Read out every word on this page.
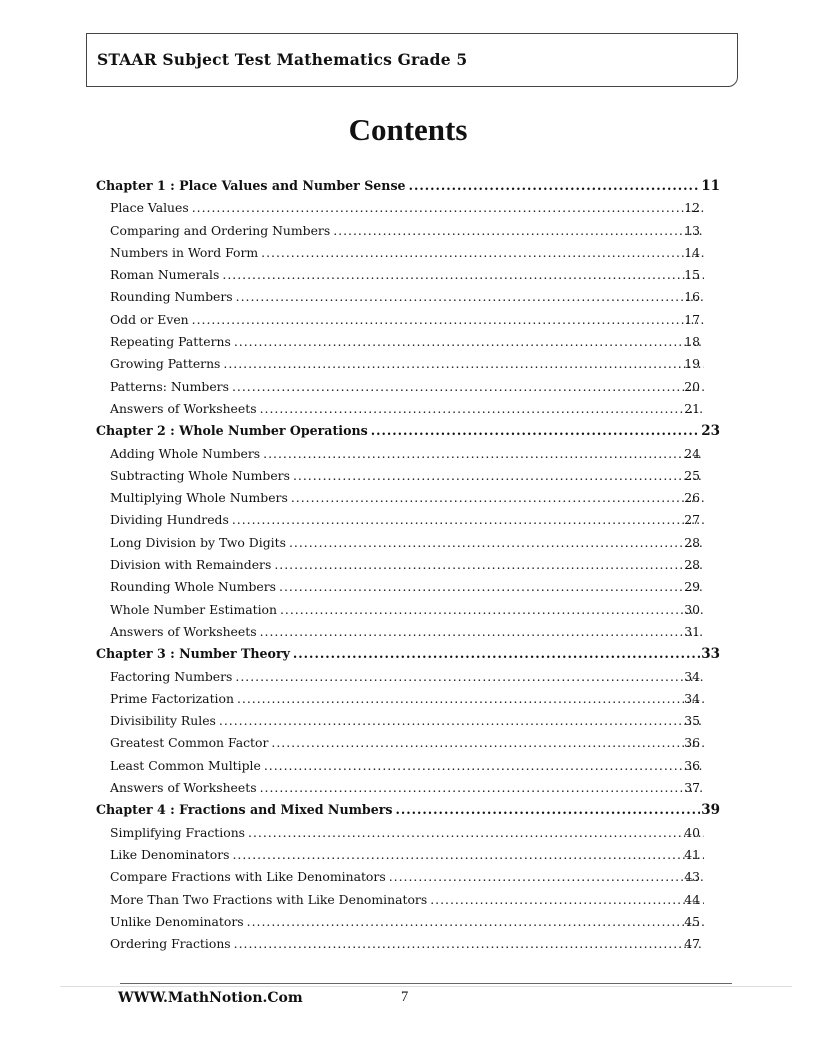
STAAR Subject Test Mathematics Grade 5
Contents
Chapter 1 : Place Values and Number Sense .....	11
Place Values .....	12
Comparing and Ordering Numbers .....	13
Numbers in Word Form .....	14
Roman Numerals .....	15
Rounding Numbers .....	16
Odd or Even .....	17
Repeating Patterns .....	18
Growing Patterns .....	19
Patterns: Numbers .....	20
Answers of Worksheets .....	21
Chapter 2 : Whole Number Operations .....	23
Adding Whole Numbers .....	24
Subtracting Whole Numbers .....	25
Multiplying Whole Numbers .....	26
Dividing Hundreds .....	27
Long Division by Two Digits .....	28
Division with Remainders .....	28
Rounding Whole Numbers .....	29
Whole Number Estimation .....	30
Answers of Worksheets .....	31
Chapter 3 : Number Theory .....	33
Factoring Numbers .....	34
Prime Factorization .....	34
Divisibility Rules .....	35
Greatest Common Factor .....	36
Least Common Multiple .....	36
Answers of Worksheets .....	37
Chapter 4 : Fractions and Mixed Numbers .....	39
Simplifying Fractions .....	40
Like Denominators .....	41
Compare Fractions with Like Denominators .....	43
More Than Two Fractions with Like Denominators .....	44
Unlike Denominators .....	45
Ordering Fractions .....	47
WWW.MathNotion.Com	7
